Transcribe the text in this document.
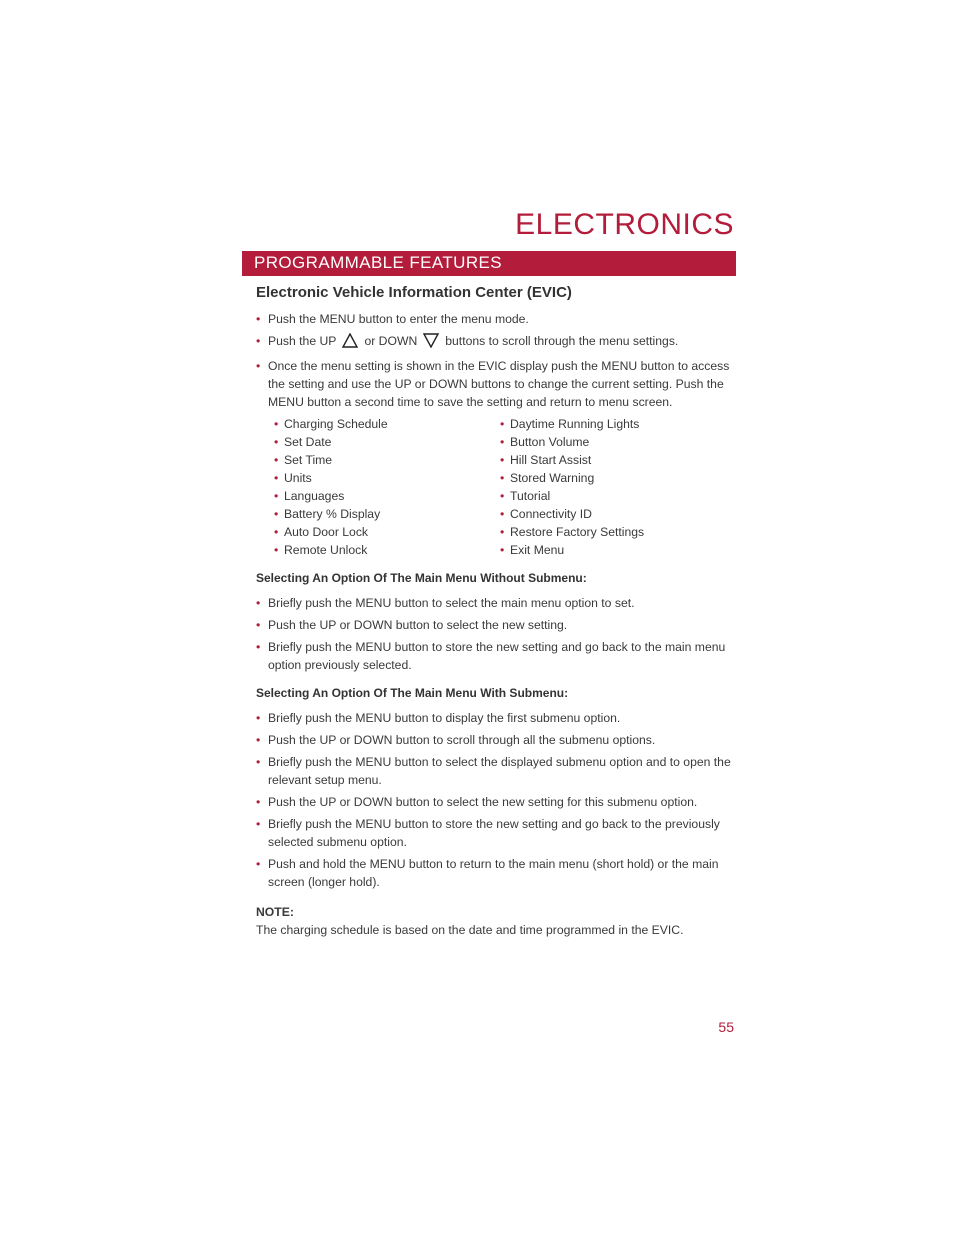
ELECTRONICS
PROGRAMMABLE FEATURES
Electronic Vehicle Information Center (EVIC)
• Push the MENU button to enter the menu mode.
• Push the UP or DOWN buttons to scroll through the menu settings.
• Once the menu setting is shown in the EVIC display push the MENU button to access the setting and use the UP or DOWN buttons to change the current setting. Push the MENU button a second time to save the setting and return to menu screen.
• Charging Schedule	• Daytime Running Lights
• Set Date	• Button Volume
• Set Time	• Hill Start Assist
• Units	• Stored Warning
• Languages	• Tutorial
• Battery % Display	• Connectivity ID
• Auto Door Lock	• Restore Factory Settings
• Remote Unlock	• Exit Menu
Selecting An Option Of The Main Menu Without Submenu:
• Briefly push the MENU button to select the main menu option to set.
• Push the UP or DOWN button to select the new setting.
• Briefly push the MENU button to store the new setting and go back to the main menu option previously selected.
Selecting An Option Of The Main Menu With Submenu:
• Briefly push the MENU button to display the first submenu option.
• Push the UP or DOWN button to scroll through all the submenu options.
• Briefly push the MENU button to select the displayed submenu option and to open the relevant setup menu.
• Push the UP or DOWN button to select the new setting for this submenu option.
• Briefly push the MENU button to store the new setting and go back to the previously selected submenu option.
• Push and hold the MENU button to return to the main menu (short hold) or the main screen (longer hold).
NOTE:
The charging schedule is based on the date and time programmed in the EVIC.
55
